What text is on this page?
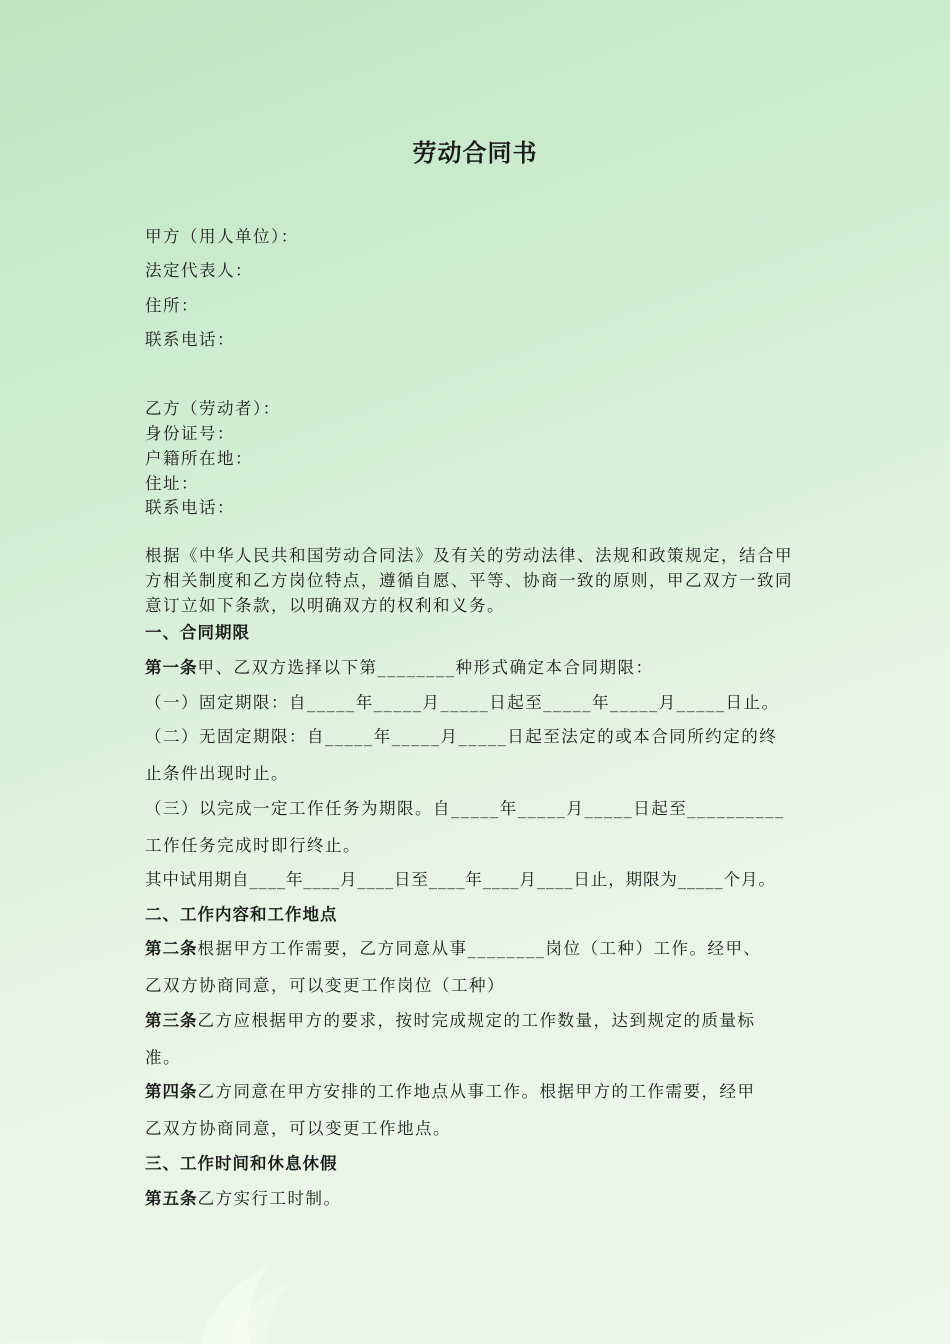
劳动合同书
甲方（用人单位）：
法定代表人：
住所：
联系电话：
乙方（劳动者）：
身份证号：
户籍所在地：
住址：
联系电话：
根据《中华人民共和国劳动合同法》及有关的劳动法律、法规和政策规定，结合甲方相关制度和乙方岗位特点，遵循自愿、平等、协商一致的原则，甲乙双方一致同意订立如下条款，以明确双方的权利和义务。
一、合同期限
第一条甲、乙双方选择以下第________种形式确定本合同期限：
（一）固定期限：自_____年_____月_____日起至_____年_____月_____日止。
（二）无固定期限：自_____年_____月_____日起至法定的或本合同所约定的终
止条件出现时止。
（三）以完成一定工作任务为期限。自_____年_____月_____日起至__________
工作任务完成时即行终止。
其中试用期自____年____月____日至____年____月____日止，期限为_____个月。
二、工作内容和工作地点
第二条根据甲方工作需要，乙方同意从事________岗位（工种）工作。经甲、
乙双方协商同意，可以变更工作岗位（工种）
第三条乙方应根据甲方的要求，按时完成规定的工作数量，达到规定的质量标
准。
第四条乙方同意在甲方安排的工作地点从事工作。根据甲方的工作需要，经甲
乙双方协商同意，可以变更工作地点。
三、工作时间和休息休假
第五条乙方实行工时制。
